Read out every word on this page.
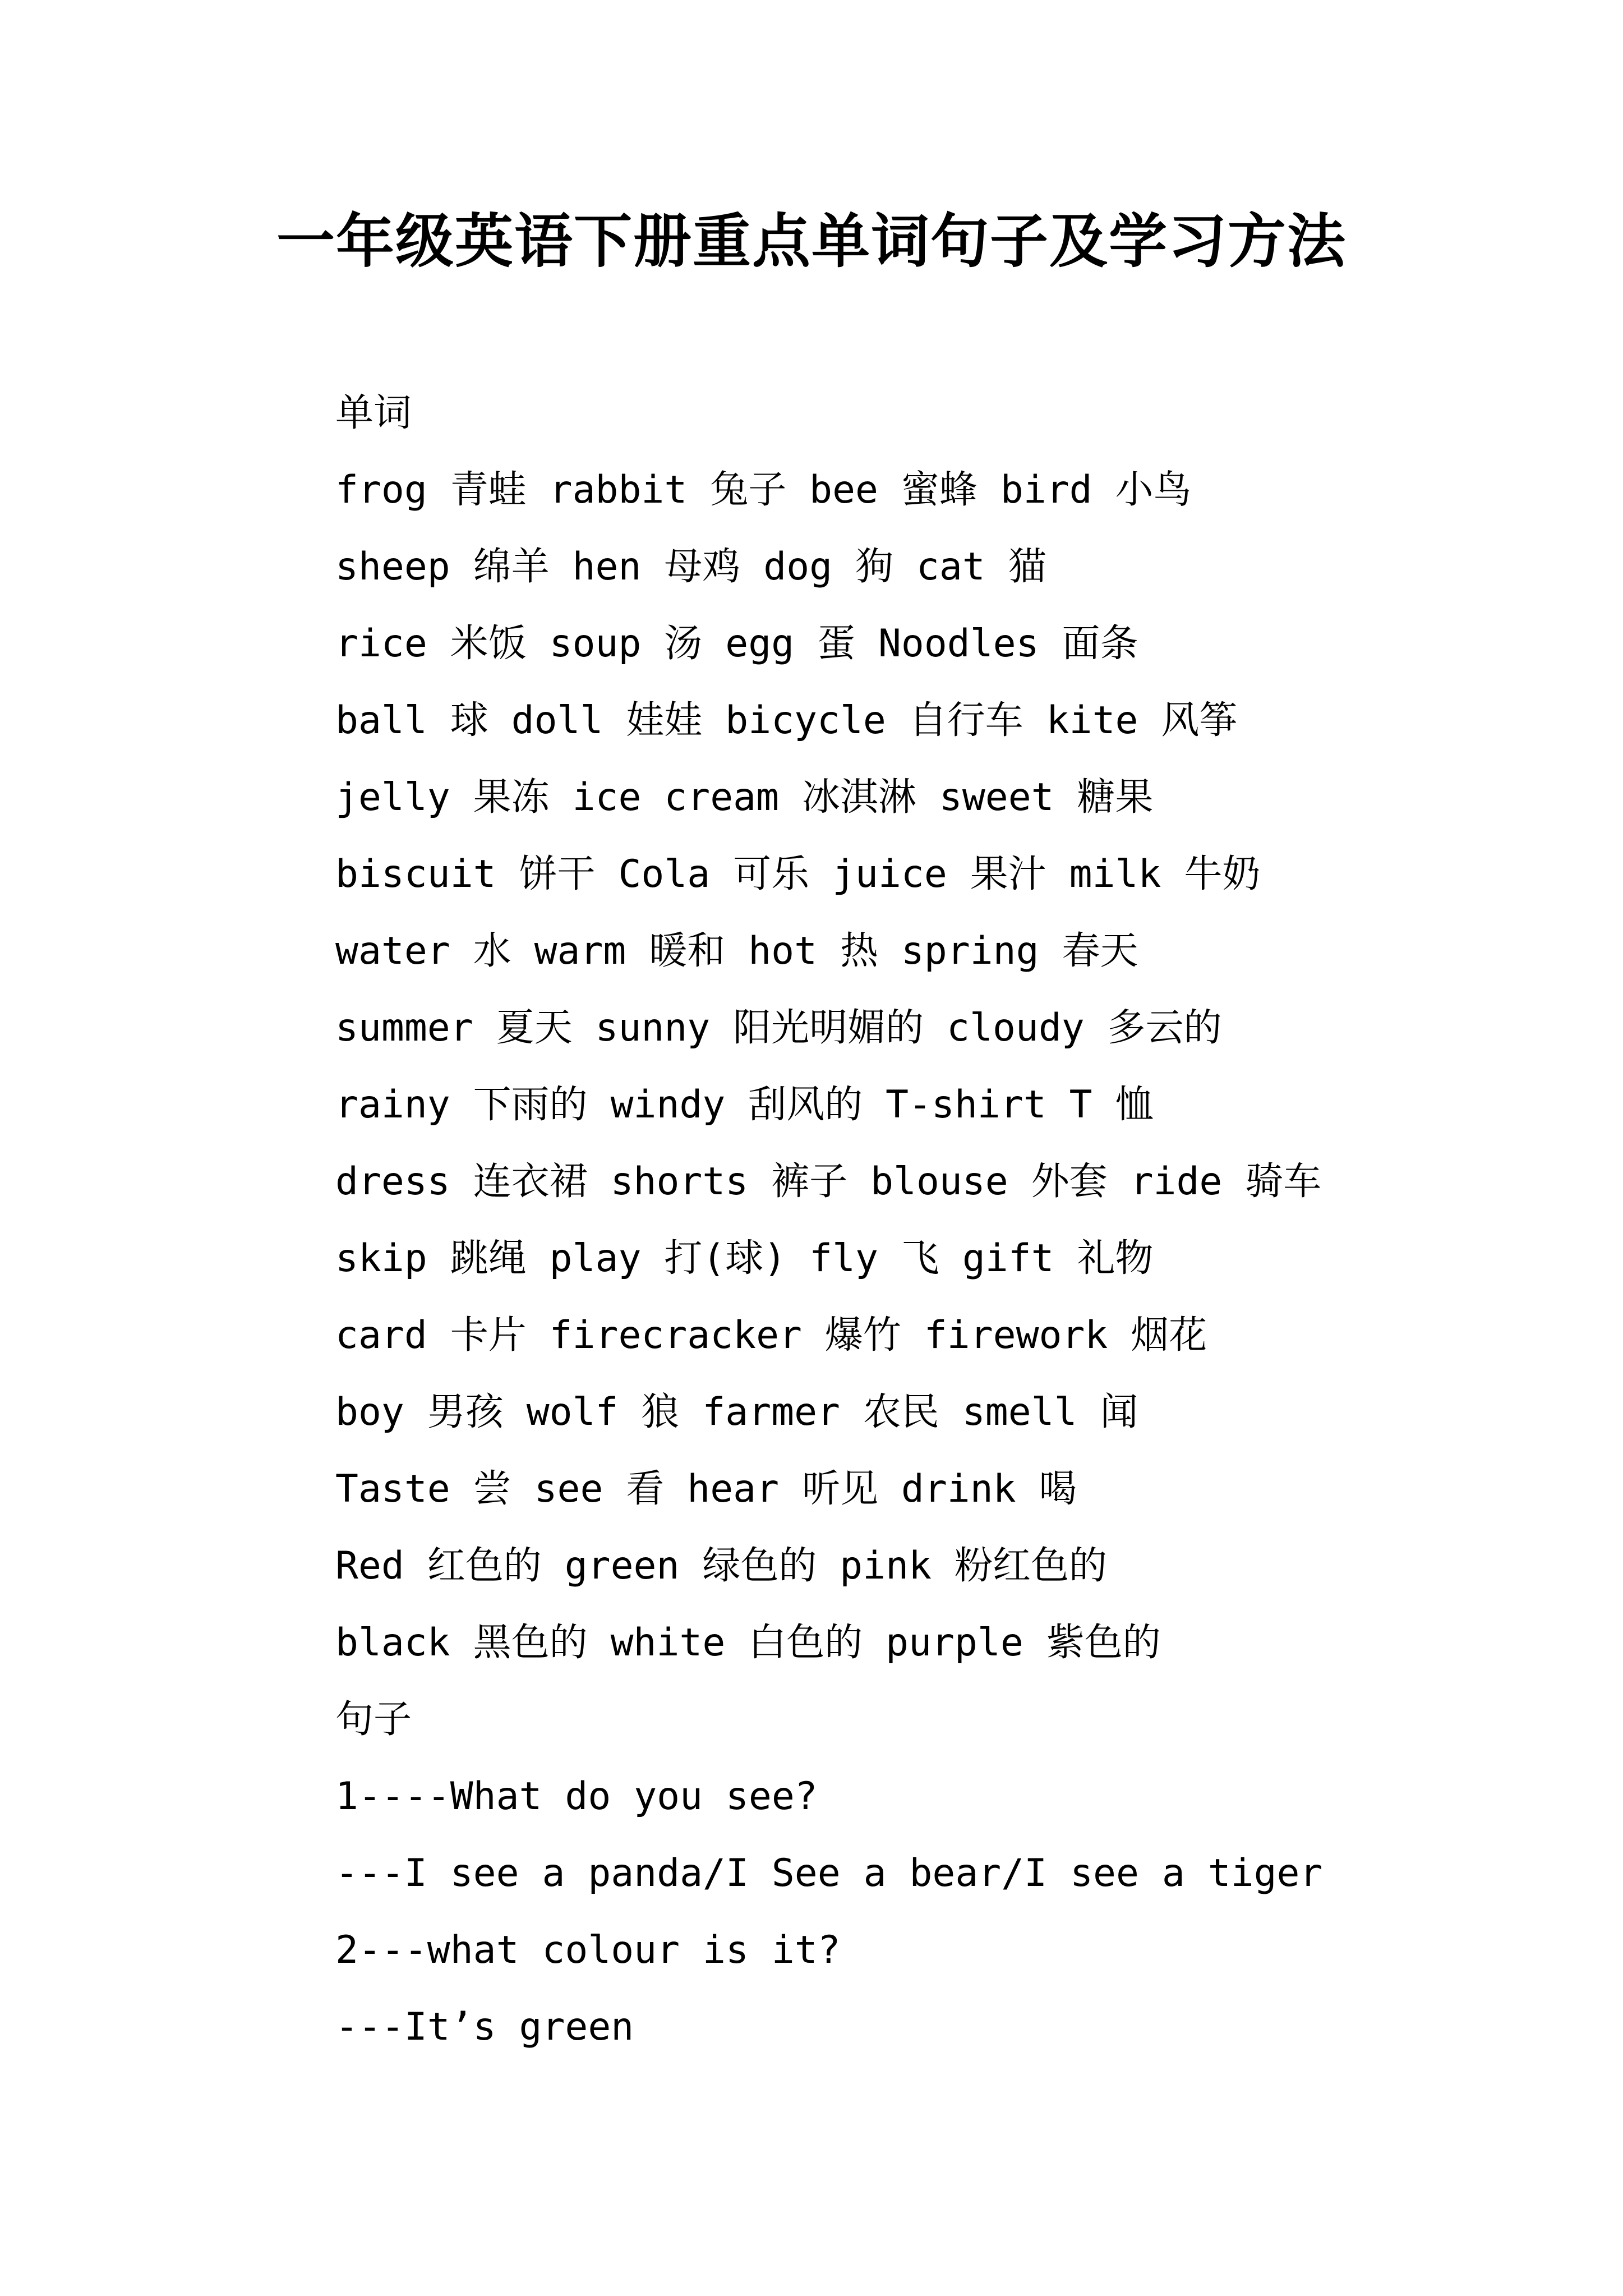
一年级英语下册重点单词句子及学习方法
单词
frog 青蛙 rabbit 兔子 bee 蜜蜂 bird 小鸟
sheep 绵羊 hen 母鸡 dog 狗 cat 猫
rice 米饭 soup 汤 egg 蛋 Noodles 面条
ball 球 doll 娃娃 bicycle 自行车 kite 风筝
jelly 果冻 ice cream 冰淇淋 sweet 糖果
biscuit 饼干 Cola 可乐 juice 果汁 milk 牛奶
water 水 warm 暖和 hot 热 spring 春天
summer 夏天 sunny 阳光明媚的 cloudy 多云的
rainy 下雨的 windy 刮风的 T-shirt T 恤
dress 连衣裙 shorts 裤子 blouse 外套 ride 骑车
skip 跳绳 play 打(球) fly 飞 gift 礼物
card 卡片 firecracker 爆竹 firework 烟花
boy 男孩 wolf 狼 farmer 农民 smell 闻
Taste 尝 see 看 hear 听见 drink 喝
Red 红色的 green 绿色的 pink 粉红色的
black 黑色的 white 白色的 purple 紫色的
句子
1----What do you see?
---I see a panda/I See a bear/I see a tiger
2---what colour is it?
---It’s green
